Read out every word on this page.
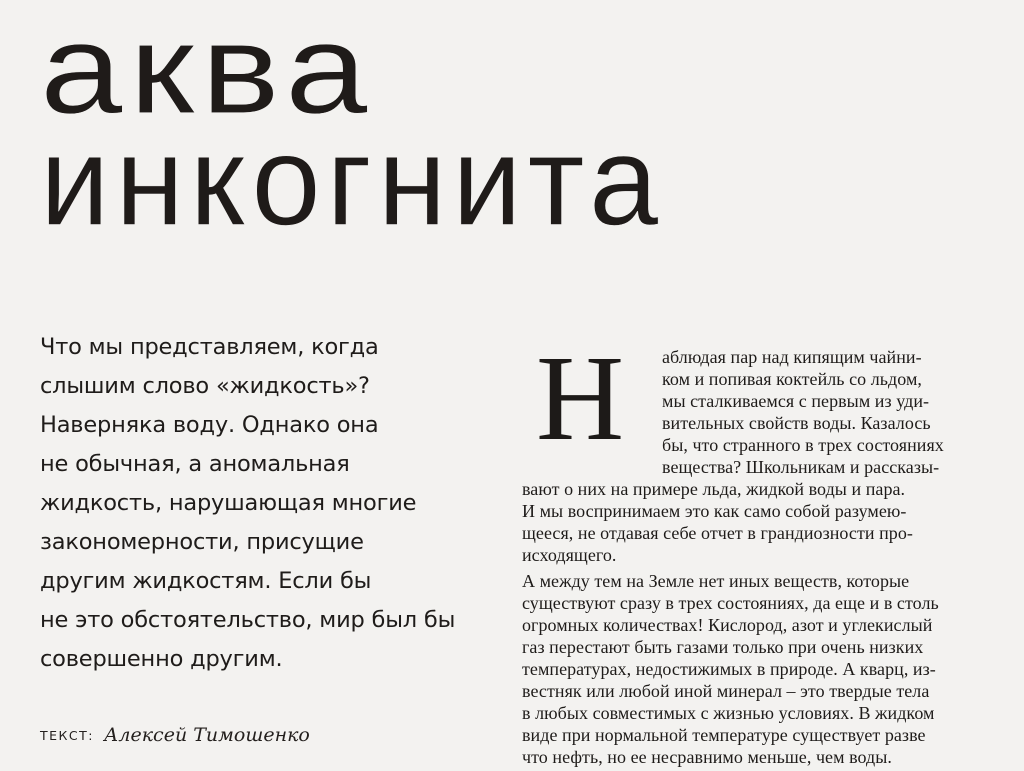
аква
инкогнита

Что мы представляем, когда
слышим слово «жидкость»?
Наверняка воду. Однако она
не обычная, а аномальная
жидкость, нарушающая многие
закономерности, присущие
другим жидкостям. Если бы
не это обстоятельство, мир был бы
совершенно другим.

ТЕКСТ: Алексей Тимошенко

Н аблюдая пар над кипящим чайни-
ком и попивая коктейль со льдом,
мы сталкиваемся с первым из уди-
вительных свойств воды. Казалось
бы, что странного в трех состояниях
вещества? Школьникам и рассказы-

вают о них на примере льда, жидкой воды и пара.
И мы воспринимаем это как само собой разумею-
щееся, не отдавая себе отчет в грандиозности про-
исходящего.

А между тем на Земле нет иных веществ, которые
существуют сразу в трех состояниях, да еще и в столь
огромных количествах! Кислород, азот и углекислый
газ перестают быть газами только при очень низких
температурах, недостижимых в природе. А кварц, из-
вестняк или любой иной минерал – это твердые тела
в любых совместимых с жизнью условиях. В жидком
виде при нормальной температуре существует разве
что нефть, но ее несравнимо меньше, чем воды.
